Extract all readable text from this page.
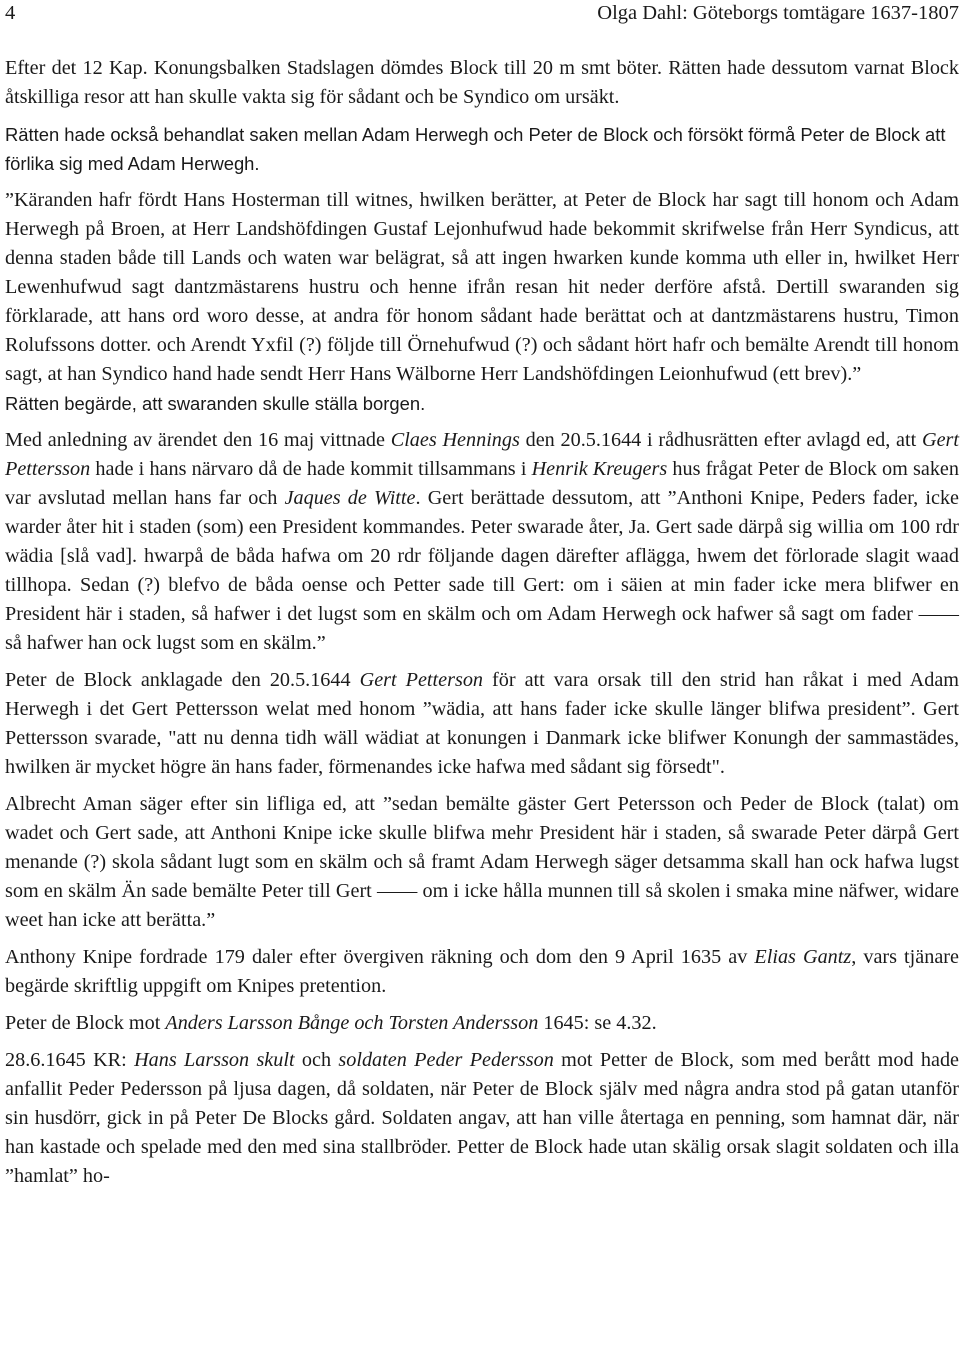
4	Olga Dahl: Göteborgs tomtägare 1637-1807

Efter det 12 Kap. Konungsbalken Stadslagen dömdes Block till 20 m smt böter. Rätten hade dessutom varnat Block åtskilliga resor att han skulle vakta sig för sådant och be Syndico om ursäkt.

Rätten hade också behandlat saken mellan Adam Herwegh och Peter de Block och försökt förmå Peter de Block att förlika sig med Adam Herwegh.

”Käranden hafr fördt Hans Hosterman till witnes, hwilken berätter, at Peter de Block har sagt till honom och Adam Herwegh på Broen, at Herr Landshöfdingen Gustaf Lejonhufwud hade bekommit skrifwelse från Herr Syndicus, att denna staden både till Lands och waten war belägrat, så att ingen hwarken kunde komma uth eller in, hwilket Herr Lewenhufwud sagt dantzmästarens hustru och henne ifrån resan hit neder derföre afstå. Dertill swaranden sig förklarade, att hans ord woro desse, at andra för honom sådant hade berättat och at dantzmästarens hustru, Timon Rolufssons dotter. och Arendt Yxfil (?) följde till Örnehufwud (?) och sådant hört hafr och bemälte Arendt till honom sagt, at han Syndico hand hade sendt Herr Hans Wälborne Herr Landshöfdingen Leionhufwud (ett brev).”

Rätten begärde, att swaranden skulle ställa borgen.

Med anledning av ärendet den 16 maj vittnade Claes Hennings den 20.5.1644 i rådhusrätten efter avlagd ed, att Gert Pettersson hade i hans närvaro då de hade kommit tillsammans i Henrik Kreugers hus frågat Peter de Block om saken var avslutad mellan hans far och Jaques de Witte. Gert berättade dessutom, att ”Anthoni Knipe, Peders fader, icke warder åter hit i staden (som) een President kommandes. Peter swarade åter, Ja. Gert sade därpå sig willia om 100 rdr wädia [slå vad]. hwarpå de båda hafwa om 20 rdr följande dagen därefter afläggа, hwem det förlorade slagit waad tillhopa. Sedan (?) blefvo de båda oense och Petter sade till Gert: om i säien at min fader icke mera blifwer en President här i staden, så hafwer i det lugst som en skälm och om Adam Herwegh ock hafwer så sagt om fader —— så hafwer han ock lugst som en skälm.”

Peter de Block anklagade den 20.5.1644 Gert Petterson för att vara orsak till den strid han råkat i med Adam Herwegh i det Gert Pettersson welat med honom ”wädia, att hans fader icke skulle länger blifwa president”. Gert Pettersson svarade, "att nu denna tidh wäll wädiat at konungen i Danmark icke blifwer Konungh der sammastädes, hwilken är mycket högre än hans fader, förmenandes icke hafwa med sådant sig försedt".

Albrecht Aman säger efter sin lifliga ed, att ”sedan bemälte gäster Gert Petersson och Peder de Block (talat) om wadet och Gert sade, att Anthoni Knipe icke skulle blifwa mehr President här i staden, så swarade Peter därpå Gert menande (?) skola sådant lugt som en skälm och så framt Adam Herwegh säger detsamma skall han ock hafwa lugst som en skälm Än sade bemälte Peter till Gert —— om i icke hålla munnen till så skolen i smaka mine näfwer, widare weet han icke att berätta.”

Anthony Knipe fordrade 179 daler efter övergiven räkning och dom den 9 April 1635 av Elias Gantz, vars tjänare begärde skriftlig uppgift om Knipes pretention.

Peter de Block mot Anders Larsson Bånge och Torsten Andersson 1645: se 4.32.

28.6.1645 KR: Hans Larsson skult och soldaten Peder Pedersson mot Petter de Block, som med berått mod hade anfallit Peder Pedersson på ljusa dagen, då soldaten, när Peter de Block själv med några andra stod på gatan utanför sin husdörr, gick in på Peter De Blocks gård. Soldaten angav, att han ville återtaga en penning, som hamnat där, när han kastade och spelade med den med sina stallbröder. Petter de Block hade utan skälig orsak slagit soldaten och illa ”hamlat” ho-
